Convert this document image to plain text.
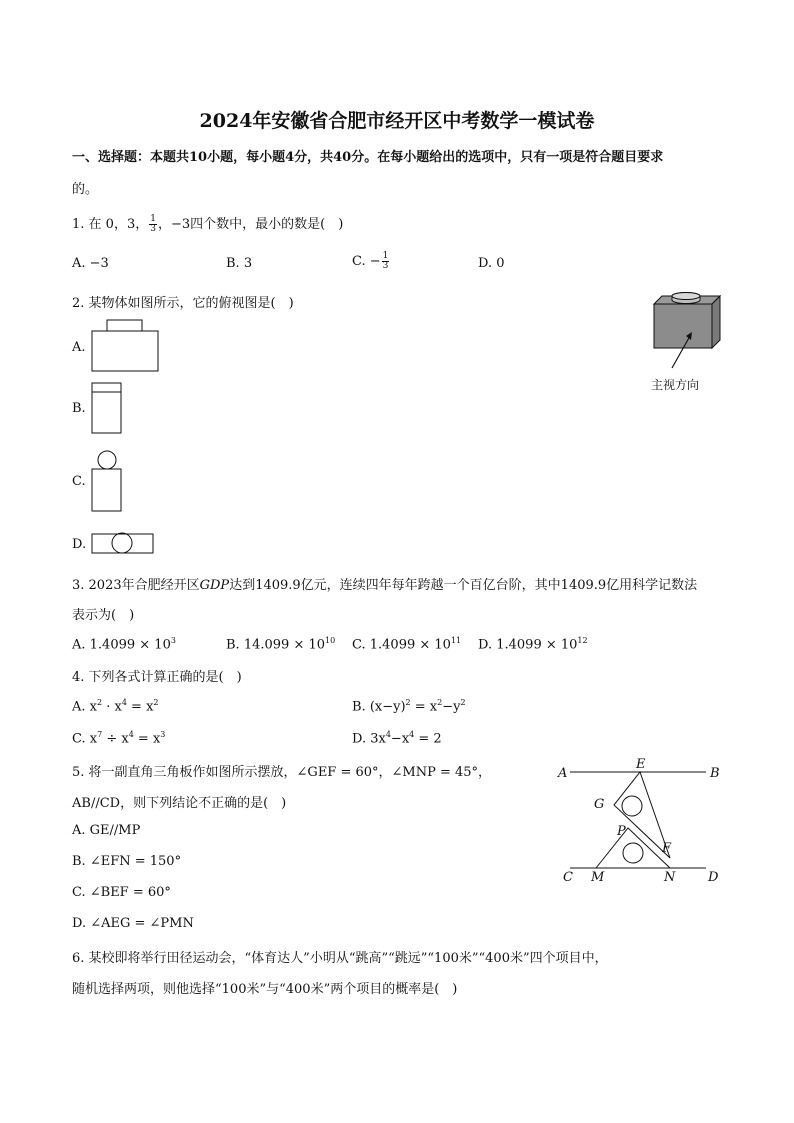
2024年安徽省合肥市经开区中考数学一模试卷
一、选择题：本题共10小题，每小题4分，共40分。在每小题给出的选项中，只有一项是符合题目要求
的。
1. 在 0，3， $\frac{1}{3}$ ，−3四个数中，最小的数是(　)
A. −3	B. 3	C. − $\frac{1}{3}$	D. 0
2. 某物体如图所示，它的俯视图是(　)
A.
B.
C.
D.
主视方向
3. 2023年合肥经开区GDP达到1409.9亿元，连续四年每年跨越一个百亿台阶，其中1409.9亿用科学记数法
表示为(　)
A. $1.4099 \times 10^3$	B. $14.099 \times 10^{10}$ C. $1.4099 \times 10^{11}$ D. $1.4099 \times 10^{12}$
4. 下列各式计算正确的是(　)
A. $x^2 \cdot x^4 = x^2$	B. $(x-y)^2 = x^2-y^2$
C. $x^7 \div x^4 = x^3$	D. $3x^4-x^4 = 2$
5. 将一副直角三角板作如图所示摆放，∠GEF = 60°，∠MNP = 45°，
AB//CD，则下列结论不正确的是(　)
A. GE//MP
B. ∠EFN = 150°
C. ∠BEF = 60°
D. ∠AEG = ∠PMN
A	B
E
G
P
F
C M	N	D
6. 某校即将举行田径运动会，“体育达人”小明从“跳高”“跳远”“100米”“400米”四个项目中，
随机选择两项，则他选择“100米”与“400米”两个项目的概率是(　)
